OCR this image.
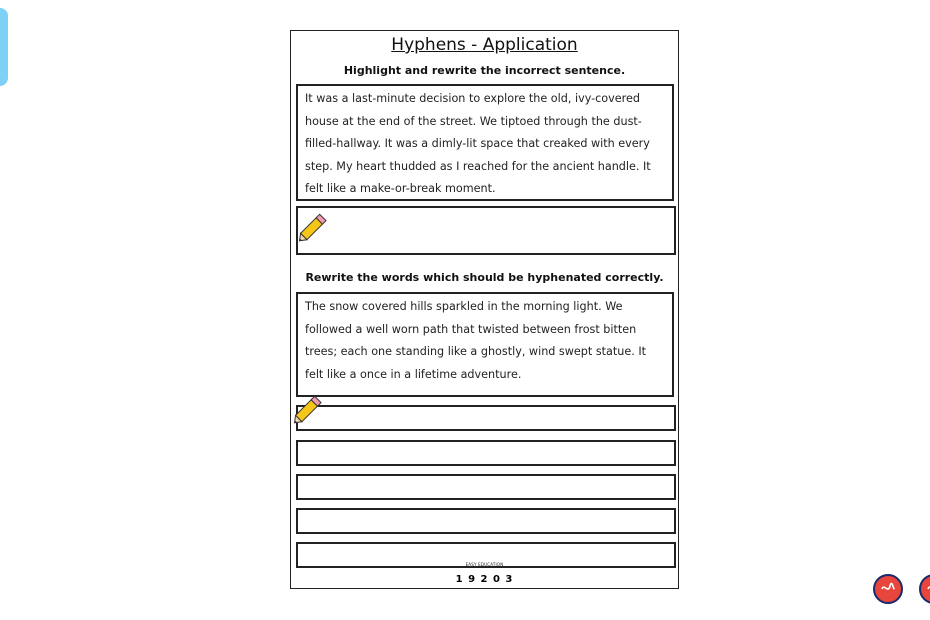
Hyphens - Application
Highlight and rewrite the incorrect sentence.
It was a last-minute decision to explore the old, ivy-covered house at the end of the street. We tiptoed through the dust-filled-hallway. It was a dimly-lit space that creaked with every step. My heart thudded as I reached for the ancient handle. It felt like a make-or-break moment.
Rewrite the words which should be hyphenated correctly.
The snow covered hills sparkled in the morning light. We followed a well worn path that twisted between frost bitten trees; each one standing like a ghostly, wind swept statue. It felt like a once in a lifetime adventure.
EASY EDUCATION
1 9 2 0 3
